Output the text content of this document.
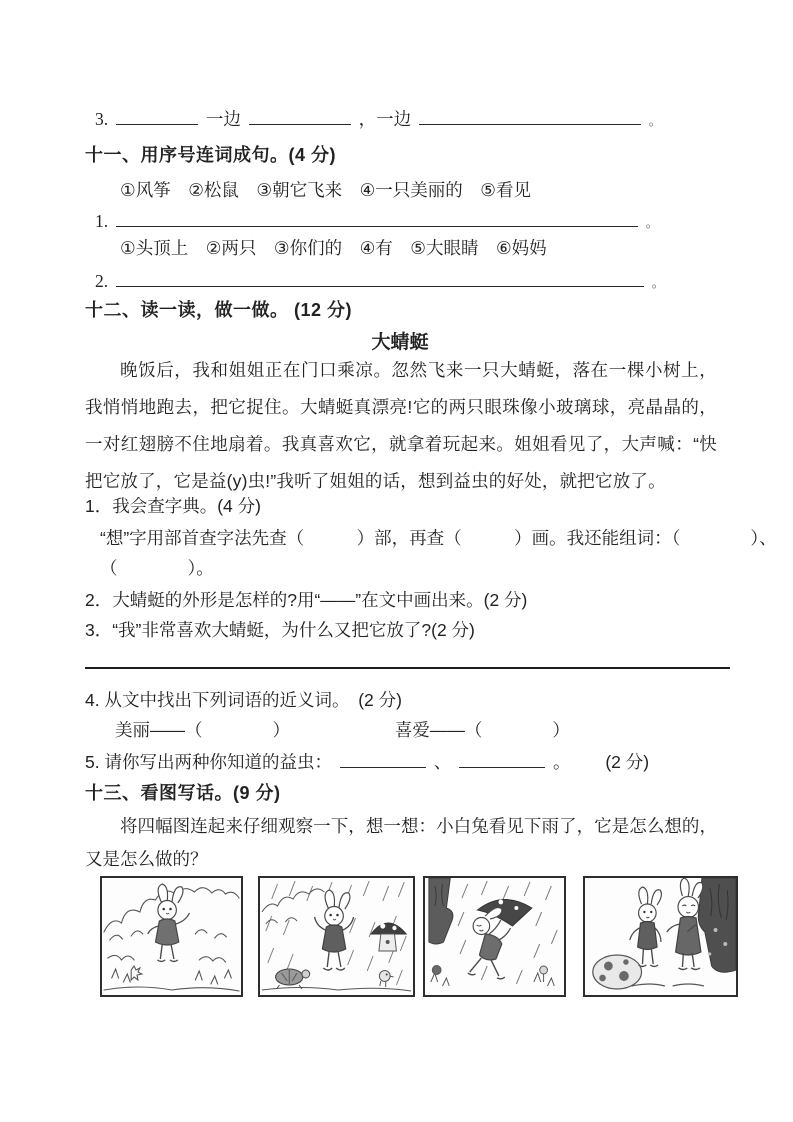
3.	一边	，一边	。
十一、用序号连词成句。(4 分)
①风筝　②松鼠　③朝它飞来　④一只美丽的　⑤看见
1.	。
①头顶上　②两只　③你们的　④有　⑤大眼睛　⑥妈妈
2.	。
十二、读一读，做一做。 (12 分)
大蜻蜓

晚饭后，我和姐姐正在门口乘凉。忽然飞来一只大蜻蜓，落在一棵小树上，我悄悄地跑去，把它捉住。大蜻蜓真漂亮!它的两只眼珠像小玻璃球，亮晶晶的，一对红翅膀不住地扇着。我真喜欢它，就拿着玩起来。姐姐看见了，大声喊：“快把它放了，它是益(y)虫!”我听了姐姐的话，想到益虫的好处，就把它放了。

1．我会查字典。(4 分)
“想”字用部首查字法先查（　　　）部，再查（　　　）画。我还能组词：（　　　　）、
（　　　　）。
2．大蜻蜓的外形是怎样的?用“——”在文中画出来。(2 分)
3．“我”非常喜欢大蜻蜓，为什么又把它放了?(2 分)
4. 从文中找出下列词语的近义词。　(2 分)
美丽——（　　　　）	喜爱——（　　　　）
5. 请你写出两种你知道的益虫：	、	。 (2 分)
十三、看图写话。(9 分)

将四幅图连起来仔细观察一下，想一想：小白兔看见下雨了，它是怎么想的，又是怎么做的？
